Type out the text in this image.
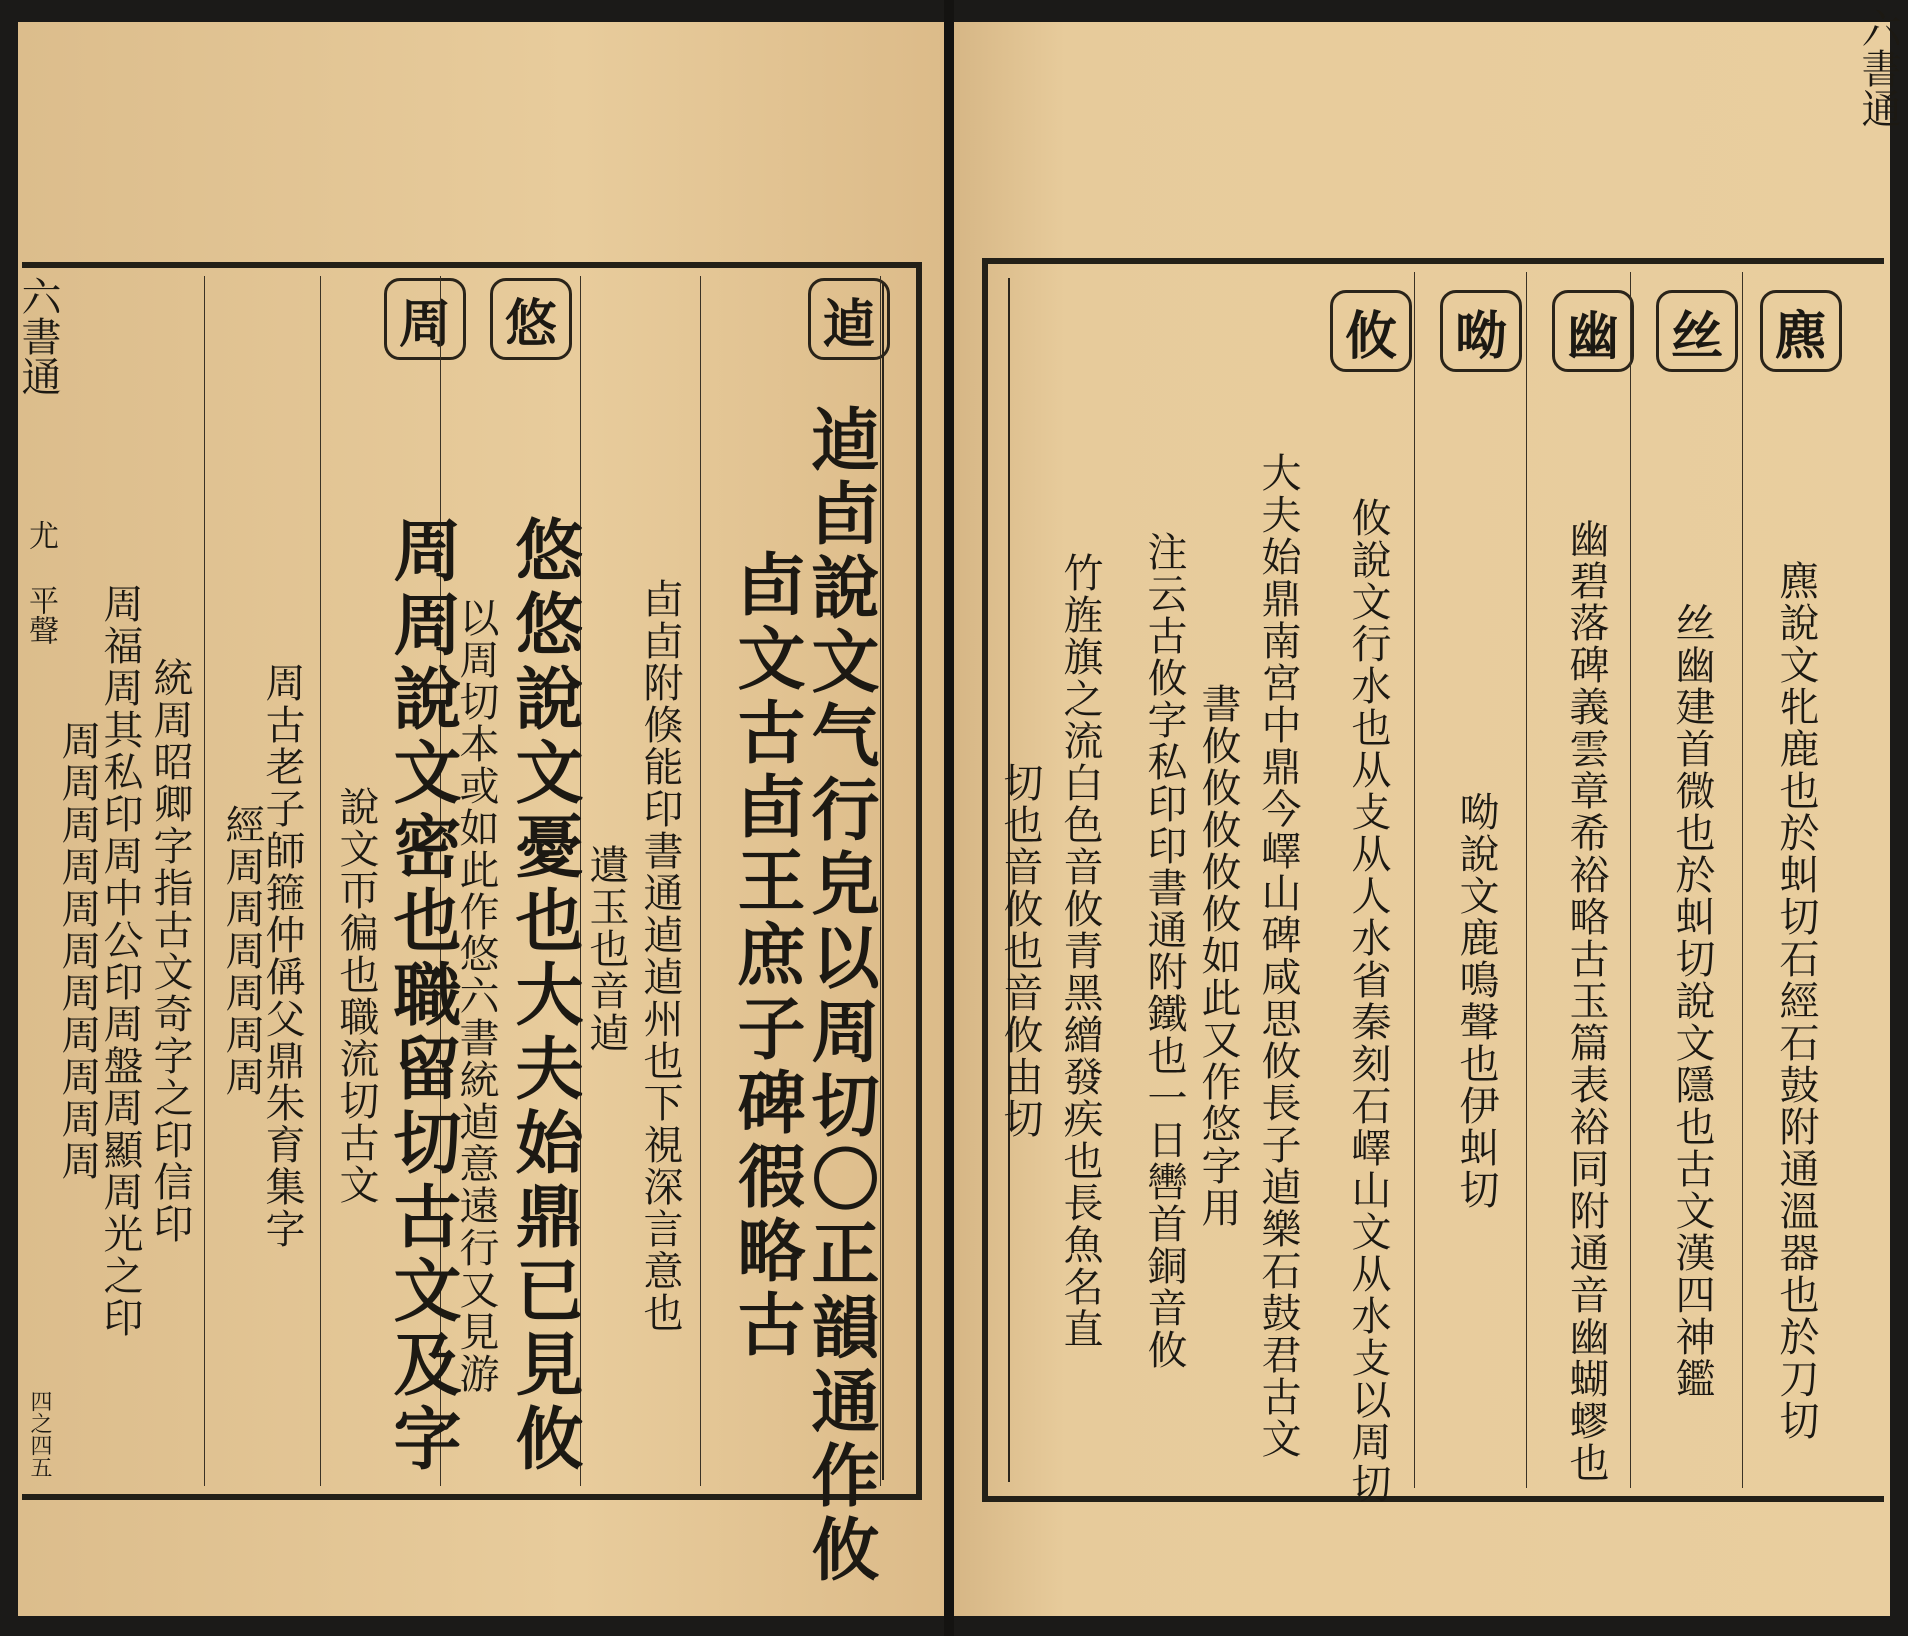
六書通
尤 平聲
四之四五
逌
悠
周
逌卣說文气行皃以周切〇正韻通作攸
卣文古卣王庶子碑徦略古
卣卣附倏能印書通逌逌州也下視深言意也
遺玉也音逌
悠悠說文憂也大夫始鼎已見攸
以周切本或如此作悠六書統逌意遠行又見游
周周說文密也職留切古文及字
說文帀徧也職流切古文
周古老子師箍仲偁父鼎朱育集字
經周周周周周周
統周昭卿字指古文奇字之印信印
周福周其私印周中公印周盤周顯周光之印
周周周周周周周周周周周
六書通
麃
丝
幽
呦
攸
麃說文牝鹿也於虯切石經石鼓附通溫器也於刀切
丝幽建首微也於虯切說文隱也古文漢四神鑑
幽碧落碑義雲章希裕略古玉篇表裕同附通音幽蝴蟉也
呦說文鹿鳴聲也伊虯切
攸說文行水也从攴从人水省秦刻石嶧山文从水攴以周切
大夫始鼎南宮中鼎今嶧山碑咸思攸長子逌樂石鼓君古文
書攸攸攸攸攸如此又作悠字用
注云古攸字私印印書通附鐵也一日轡首銅音攸
竹旌旗之流白色音攸青黑繒發疾也長魚名直
切也音攸也音攸由切
